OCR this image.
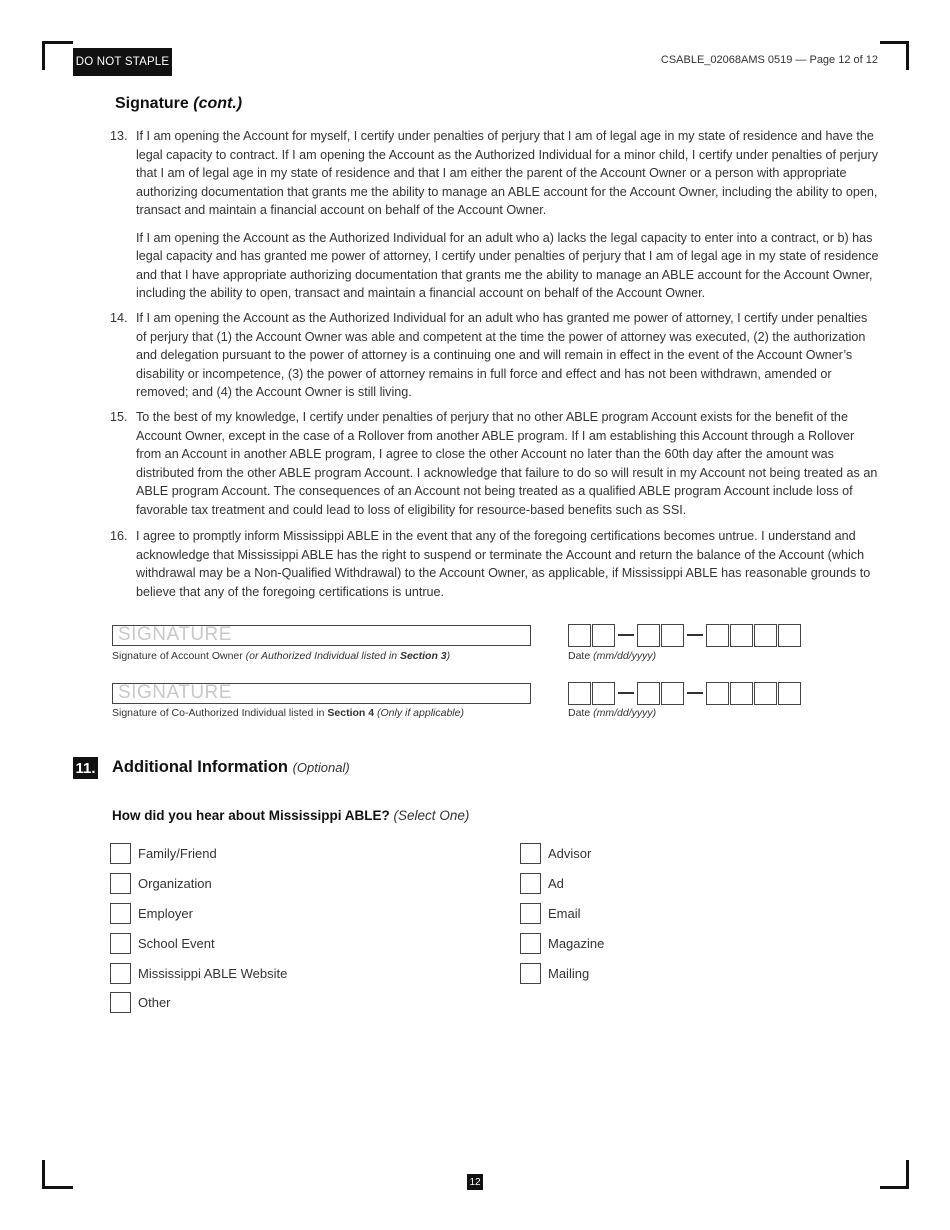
DO NOT STAPLE	CSABLE_02068AMS 0519 — Page 12 of 12
Signature (cont.)
13. If I am opening the Account for myself, I certify under penalties of perjury that I am of legal age in my state of residence and have the legal capacity to contract. If I am opening the Account as the Authorized Individual for a minor child, I certify under penalties of perjury that I am of legal age in my state of residence and that I am either the parent of the Account Owner or a person with appropriate authorizing documentation that grants me the ability to manage an ABLE account for the Account Owner, including the ability to open, transact and maintain a financial account on behalf of the Account Owner.
If I am opening the Account as the Authorized Individual for an adult who a) lacks the legal capacity to enter into a contract, or b) has legal capacity and has granted me power of attorney, I certify under penalties of perjury that I am of legal age in my state of residence and that I have appropriate authorizing documentation that grants me the ability to manage an ABLE account for the Account Owner, including the ability to open, transact and maintain a financial account on behalf of the Account Owner.
14. If I am opening the Account as the Authorized Individual for an adult who has granted me power of attorney, I certify under penalties of perjury that (1) the Account Owner was able and competent at the time the power of attorney was executed, (2) the authorization and delegation pursuant to the power of attorney is a continuing one and will remain in effect in the event of the Account Owner’s disability or incompetence, (3) the power of attorney remains in full force and effect and has not been withdrawn, amended or removed; and (4) the Account Owner is still living.
15. To the best of my knowledge, I certify under penalties of perjury that no other ABLE program Account exists for the benefit of the Account Owner, except in the case of a Rollover from another ABLE program. If I am establishing this Account through a Rollover from an Account in another ABLE program, I agree to close the other Account no later than the 60th day after the amount was distributed from the other ABLE program Account. I acknowledge that failure to do so will result in my Account not being treated as an ABLE program Account. The consequences of an Account not being treated as a qualified ABLE program Account include loss of favorable tax treatment and could lead to loss of eligibility for resource-based benefits such as SSI.
16. I agree to promptly inform Mississippi ABLE in the event that any of the foregoing certifications becomes untrue. I understand and acknowledge that Mississippi ABLE has the right to suspend or terminate the Account and return the balance of the Account (which withdrawal may be a Non-Qualified Withdrawal) to the Account Owner, as applicable, if Mississippi ABLE has reasonable grounds to believe that any of the foregoing certifications is untrue.
SIGNATURE
Signature of Account Owner (or Authorized Individual listed in Section 3)	Date (mm/dd/yyyy)
SIGNATURE
Signature of Co-Authorized Individual listed in Section 4 (Only if applicable)	Date (mm/dd/yyyy)
11. Additional Information (Optional)
How did you hear about Mississippi ABLE? (Select One)
Family/Friend
Organization
Employer
School Event
Mississippi ABLE Website
Other
Advisor
Ad
Email
Magazine
Mailing
12
